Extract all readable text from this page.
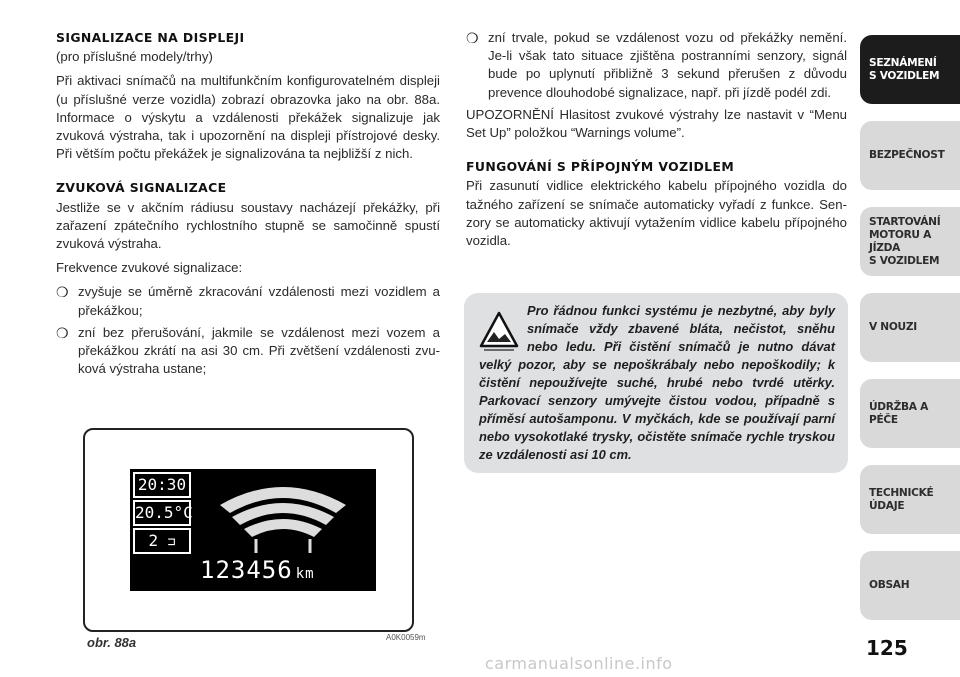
SIGNALIZACE NA DISPLEJI

(pro příslušné modely/trhy)

Při aktivaci snímačů na multifunkčním konfigurovatelném displeji (u příslušné verze vozidla) zobrazí obrazovka jako na obr. 88a. Informace o výskytu a vzdálenosti překážek signalizuje jak zvuková výstraha, tak i upozornění na displeji přístrojové desky. Při větším počtu překážek je signalizována ta nejbližší z nich.

ZVUKOVÁ SIGNALIZACE

Jestliže se v akčním rádiusu soustavy nacházejí překážky, při zařazení zpátečního rychlostního stupně se samočinně spustí zvuková výstraha.

Frekvence zvukové signalizace:

❍ zvyšuje se úměrně zkracování vzdálenosti mezi vozidlem a překážkou;
❍ zní bez přerušování, jakmile se vzdálenost mezi vozem a překážkou zkrátí na asi 30 cm. Při zvětšení vzdálenosti zvuková výstraha ustane;
❍ zní trvale, pokud se vzdálenost vozu od překážky nemění. Je-li však tato situace zjištěna postranními senzory, signál bude po uplynutí přibližně 3 sekund přerušen z důvodu prevence dlouhodobé signalizace, např. při jízdě podél zdi.

UPOZORNĚNÍ Hlasitost zvukové výstrahy lze nastavit v “Menu Set Up” položkou “Warnings volume”.

FUNGOVÁNÍ S PŘÍPOJNÝM VOZIDLEM

Při zasunutí vidlice elektrického kabelu přípojného vozidla do tažného zařízení se snímače automaticky vyřadí z funkce. Senzory se automaticky aktivují vytažením vidlice kabelu přípojného vozidla.

Pro řádnou funkci systému je nezbytné, aby byly snímače vždy zbavené bláta, nečistot, sněhu nebo ledu. Při čistění snímačů je nutno dávat velký pozor, aby se nepoškrábaly nebo nepoškodily; k čistění nepoužívejte suché, hrubé nebo tvrdé utěrky. Parkovací senzory umývejte čistou vodou, případně s příměsí autošamponu. V myčkách, kde se používají parní nebo vysokotlaké trysky, očistěte snímače rychle tryskou ze vzdálenosti asi 10 cm.
20:30
20.5°C
2 ⊐
123456 km
obr. 88a	A0K0059m
SEZNÁMENÍ
S VOZIDLEM
BEZPEČNOST
STARTOVÁNÍ
MOTORU A JÍZDA
S VOZIDLEM
V NOUZI
ÚDRŽBA A PÉČE
TECHNICKÉ
ÚDAJE
OBSAH
125
carmanualsonline.info
